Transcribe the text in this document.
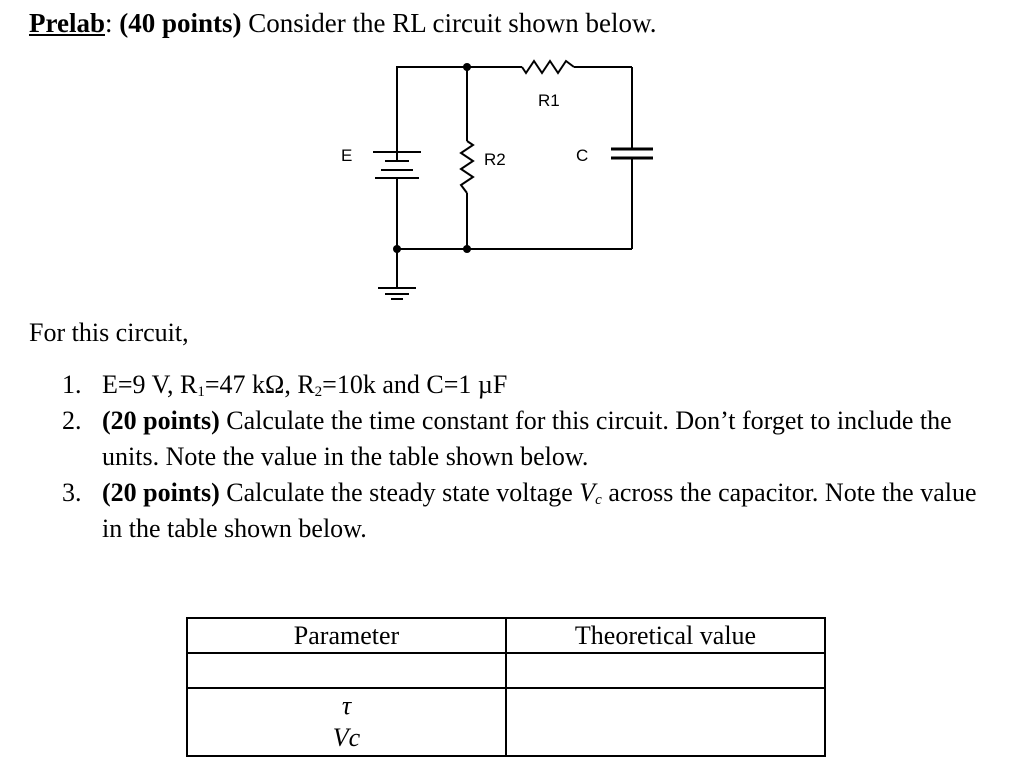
Prelab: (40 points) Consider the RL circuit shown below.
R1
C
R2
E

For this circuit,

1. E=9 V, $R_1=47$ kΩ, $R_2=10k$ and C=1 µF
2. (20 points) Calculate the time constant for this circuit. Don’t forget to include the units. Note the value in the table shown below.
3. (20 points) Calculate the steady state voltage $V_c$ across the capacitor. Note the value in the table shown below.
Parameter	Theoretical value

τ
Vc	
